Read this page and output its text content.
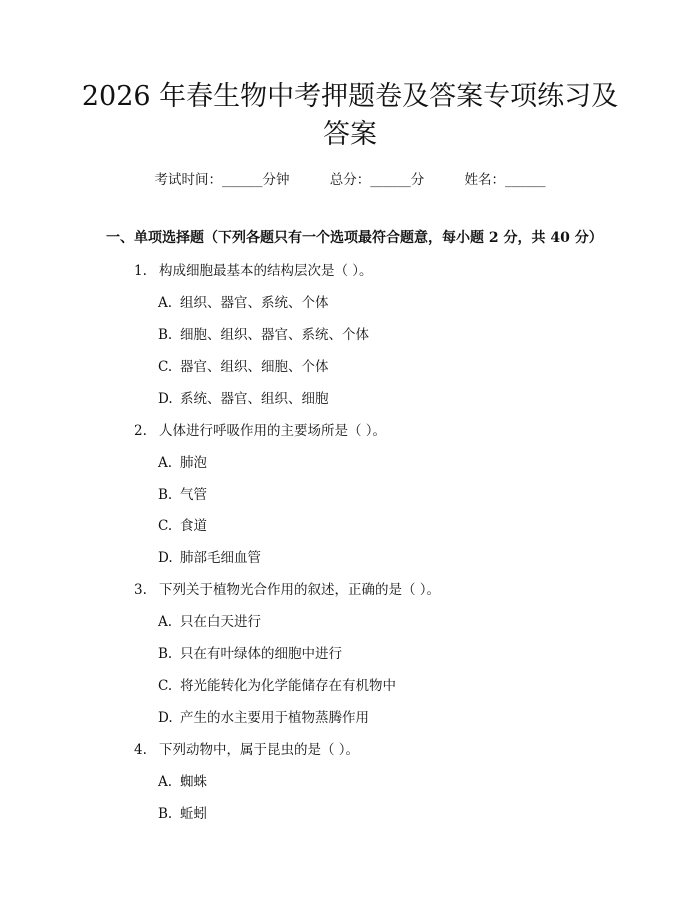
2026 年春生物中考押题卷及答案专项练习及
答案
考试时间：______分钟	总分：______分	姓名：______
一、单项选择题（下列各题只有一个选项最符合题意，每小题 2 分，共 40 分）
1. 构成细胞最基本的结构层次是（ ）。
A. 组织、器官、系统、个体
B. 细胞、组织、器官、系统、个体
C. 器官、组织、细胞、个体
D. 系统、器官、组织、细胞
2. 人体进行呼吸作用的主要场所是（ ）。
A. 肺泡
B. 气管
C. 食道
D. 肺部毛细血管
3. 下列关于植物光合作用的叙述，正确的是（ ）。
A. 只在白天进行
B. 只在有叶绿体的细胞中进行
C. 将光能转化为化学能储存在有机物中
D. 产生的水主要用于植物蒸腾作用
4. 下列动物中，属于昆虫的是（ ）。
A. 蜘蛛
B. 蚯蚓
